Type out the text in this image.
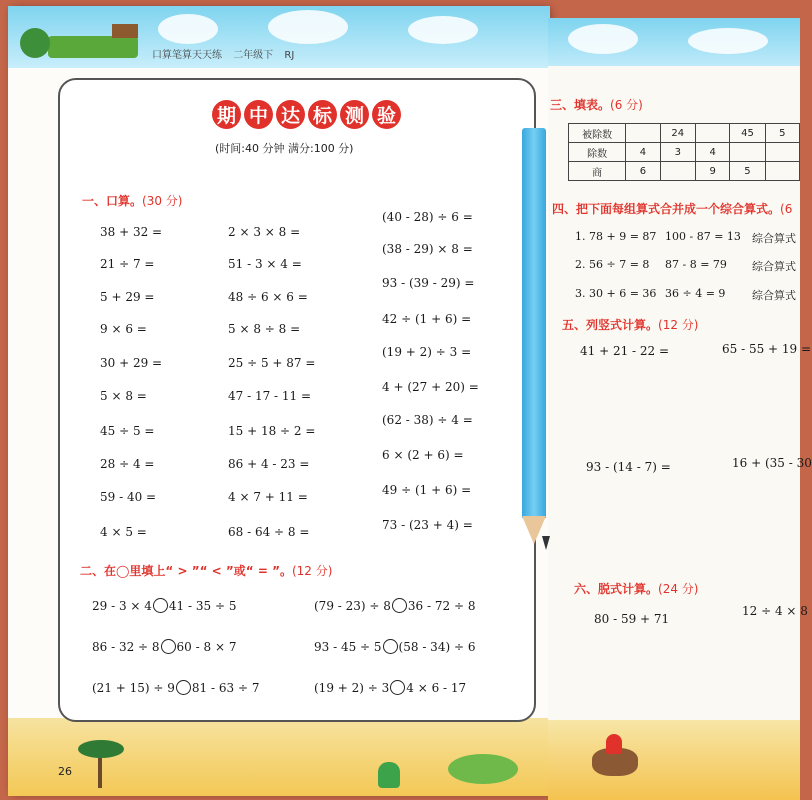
口算笔算天天练 二年级下 RJ
期 中 达 标 测 验
(时间:40 分钟 满分:100 分)
一、口算。(30 分)
38 + 32 =
21 ÷ 7 =
5 + 29 =
9 × 6 =
30 + 29 =
5 × 8 =
45 ÷ 5 =
28 ÷ 4 =
59 - 40 =
4 × 5 =
2 × 3 × 8 =
51 - 3 × 4 =
48 ÷ 6 × 6 =
5 × 8 ÷ 8 =
25 ÷ 5 + 87 =
47 - 17 - 11 =
15 + 18 ÷ 2 =
86 + 4 - 23 =
4 × 7 + 11 =
68 - 64 ÷ 8 =
(40 - 28) ÷ 6 =
(38 - 29) × 8 =
93 - (39 - 29) =
42 ÷ (1 + 6) =
(19 + 2) ÷ 3 =
4 + (27 + 20) =
(62 - 38) ÷ 4 =
6 × (2 + 6) =
49 ÷ (1 + 6) =
73 - (23 + 4) =
二、在◯里填上“ > ”“ < ”或“ = ”。(12 分)
29 - 3 × 4 41 - 35 ÷ 5	(79 - 23) ÷ 8 36 - 72 ÷ 8
86 - 32 ÷ 8 60 - 8 × 7	93 - 45 ÷ 5 (58 - 34) ÷ 6
(21 + 15) ÷ 9 81 - 63 ÷ 7	(19 + 2) ÷ 3 4 × 6 - 17
26
三、填表。(6 分)
被除数		24		45	5
除数	4	3	4		
商	6		9	5	
四、把下面每组算式合并成一个综合算式。(6
1. 78 + 9 = 87 100 - 87 = 13 综合算式
2. 56 ÷ 7 = 8 87 - 8 = 79 综合算式
3. 30 + 6 = 36 36 ÷ 4 = 9 综合算式
五、列竖式计算。(12 分)
41 + 21 - 22 =	65 - 55 + 19 =
93 - (14 - 7) =	16 + (35 - 30
六、脱式计算。(24 分)
80 - 59 + 71
12 ÷ 4 × 8
